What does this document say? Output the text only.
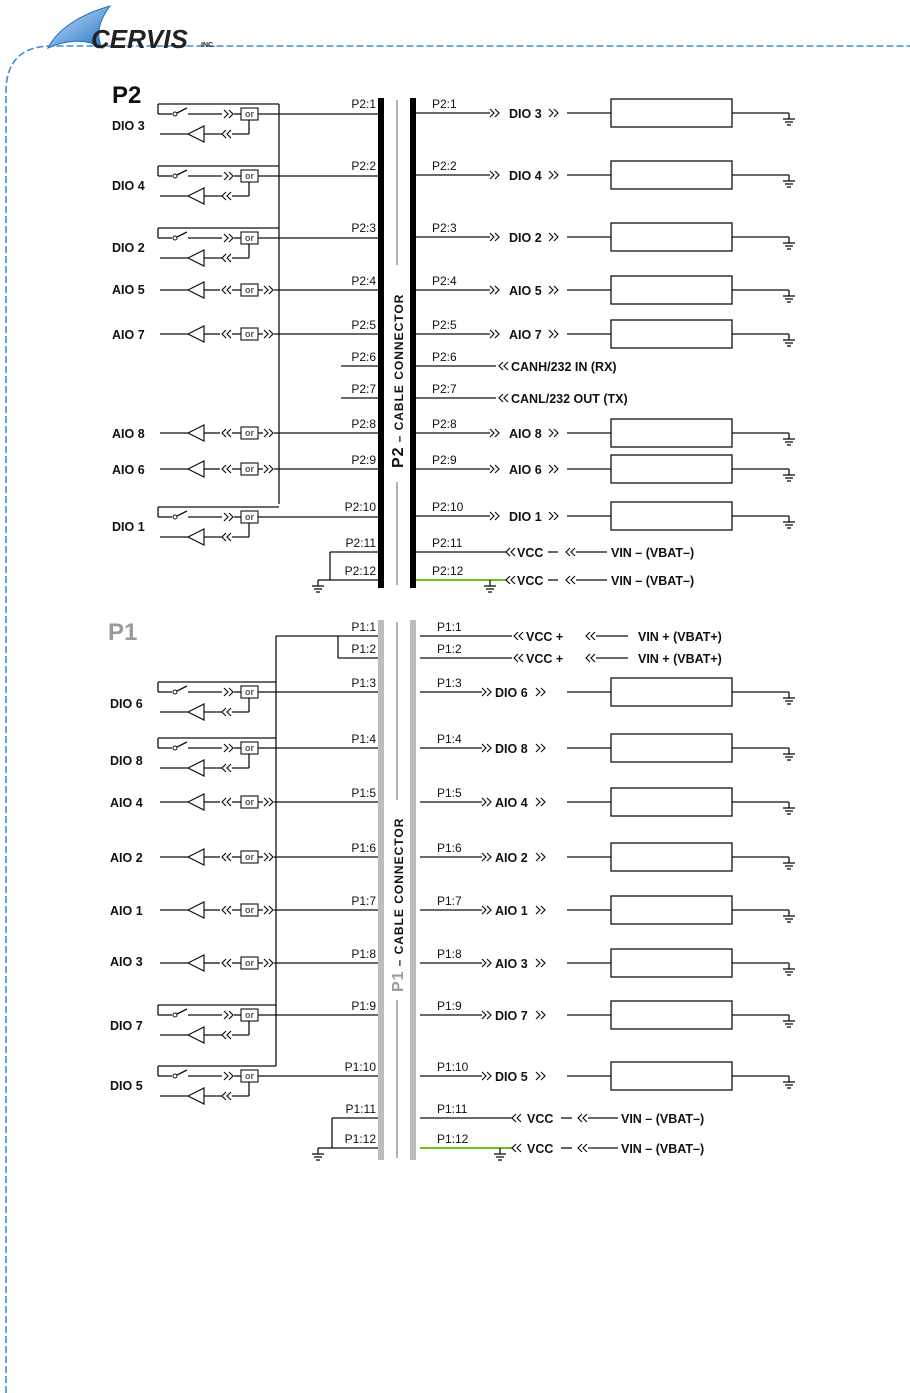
CERVIS INC.
P2
P2– CABLE CONNECTOR
DIO 3
or
DIO 4
or
DIO 2
or
AIO 5	or
AIO 7	or
AIO 8	or
AIO 6	or
DIO 1
or
P2:1
P2:2
P2:3
P2:4
P2:5
P2:6
P2:7
P2:8
P2:9
P2:10
P2:11
P2:12
P2:1
P2:2
P2:3
P2:4
P2:5
P2:6
P2:7
P2:8
P2:9
P2:10
P2:11
P2:12
DIO 3
DIO 4
DIO 2
AIO 5
AIO 7
AIO 8
AIO 6
DIO 1
CANH/232 IN (RX)
CANL/232 OUT (TX)
VCC	VIN – (VBAT–)
VCC	VIN – (VBAT–)
P1
P1– CABLE CONNECTOR
DIO 6
or
DIO 8
or
AIO 4	or
AIO 2	or
AIO 1	or
AIO 3	or
DIO 7
or
DIO 5
or
P1:1
P1:2
P1:3
P1:4
P1:5
P1:6
P1:7
P1:8
P1:9
P1:10
P1:11
P1:12
P1:1
P1:2
P1:3
P1:4
P1:5
P1:6
P1:7
P1:8
P1:9
P1:10
P1:11
P1:12
VCC +	VIN + (VBAT+)
VCC +	VIN + (VBAT+)
DIO 6
DIO 8
AIO 4
AIO 2
AIO 1
AIO 3
DIO 7
DIO 5
VCC	VIN – (VBAT–)
VCC	VIN – (VBAT–)
